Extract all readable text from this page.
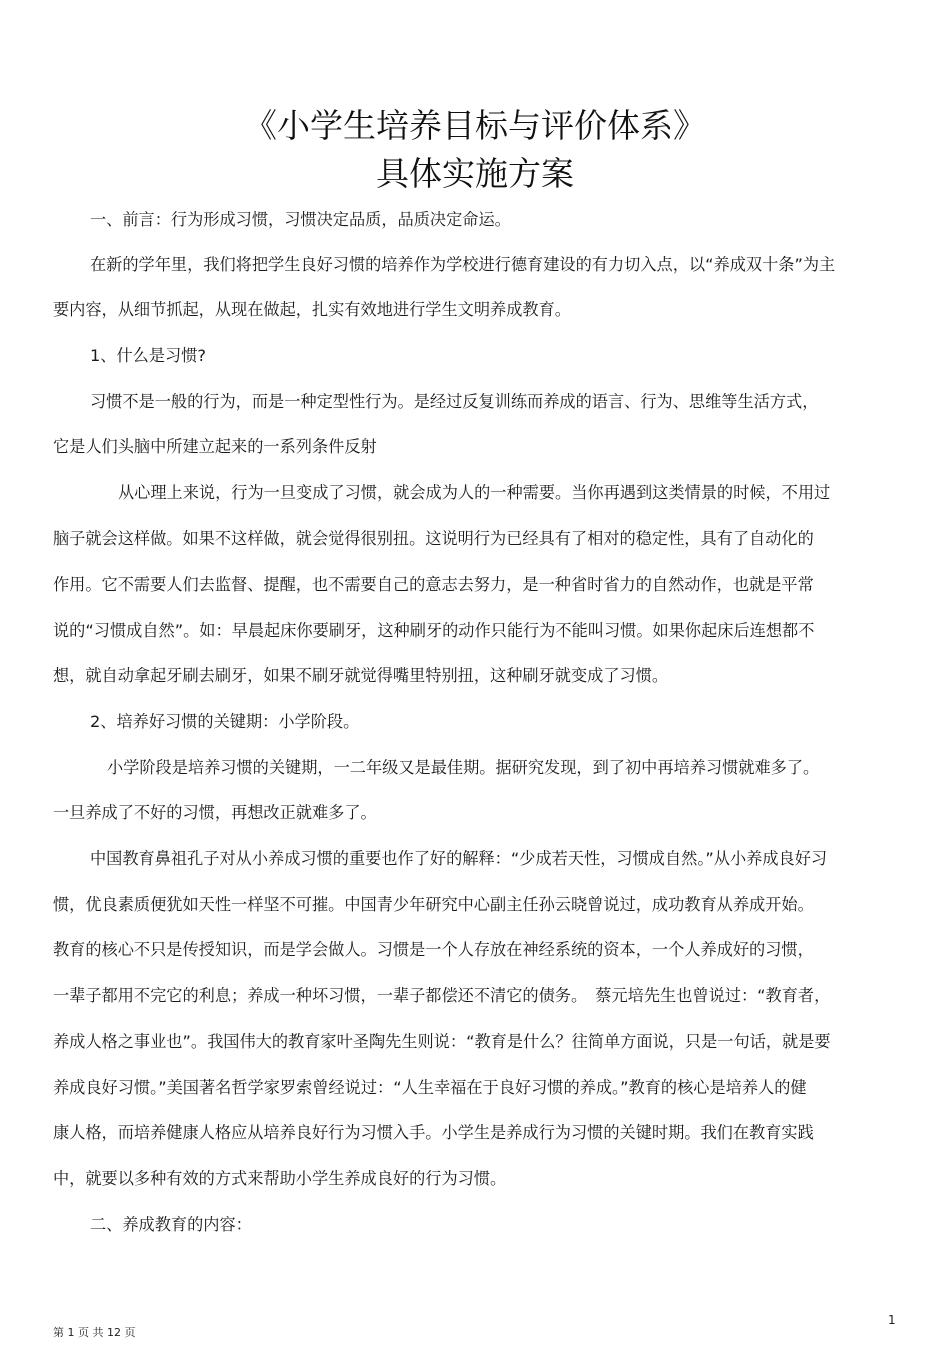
《小学生培养目标与评价体系》
具体实施方案
一、前言：行为形成习惯，习惯决定品质，品质决定命运。
在新的学年里，我们将把学生良好习惯的培养作为学校进行德育建设的有力切入点，以“养成双十条”为主
要内容，从细节抓起，从现在做起，扎实有效地进行学生文明养成教育。
1、什么是习惯?
习惯不是一般的行为，而是一种定型性行为。是经过反复训练而养成的语言、行为、思维等生活方式，
它是人们头脑中所建立起来的一系列条件反射
从心理上来说，行为一旦变成了习惯，就会成为人的一种需要。当你再遇到这类情景的时候，不用过
脑子就会这样做。如果不这样做，就会觉得很别扭。这说明行为已经具有了相对的稳定性，具有了自动化的
作用。它不需要人们去监督、提醒，也不需要自己的意志去努力，是一种省时省力的自然动作，也就是平常
说的“习惯成自然”。如：早晨起床你要刷牙，这种刷牙的动作只能行为不能叫习惯。如果你起床后连想都不
想，就自动拿起牙刷去刷牙，如果不刷牙就觉得嘴里特别扭，这种刷牙就变成了习惯。
2、培养好习惯的关键期：小学阶段。
小学阶段是培养习惯的关键期，一二年级又是最佳期。据研究发现，到了初中再培养习惯就难多了。
一旦养成了不好的习惯，再想改正就难多了。
中国教育鼻祖孔子对从小养成习惯的重要也作了好的解释：“少成若天性，习惯成自然。”从小养成良好习
惯，优良素质便犹如天性一样坚不可摧。中国青少年研究中心副主任孙云晓曾说过，成功教育从养成开始。
教育的核心不只是传授知识，而是学会做人。习惯是一个人存放在神经系统的资本，一个人养成好的习惯，
一辈子都用不完它的利息；养成一种坏习惯，一辈子都偿还不清它的债务。　蔡元培先生也曾说过：“教育者，
养成人格之事业也”。我国伟大的教育家叶圣陶先生则说：“教育是什么？往简单方面说，只是一句话，就是要
养成良好习惯。”美国著名哲学家罗索曾经说过：“人生幸福在于良好习惯的养成。”教育的核心是培养人的健
康人格，而培养健康人格应从培养良好行为习惯入手。小学生是养成行为习惯的关键时期。我们在教育实践
中，就要以多种有效的方式来帮助小学生养成良好的行为习惯。
二、养成教育的内容：
1
第 1 页 共 12 页
